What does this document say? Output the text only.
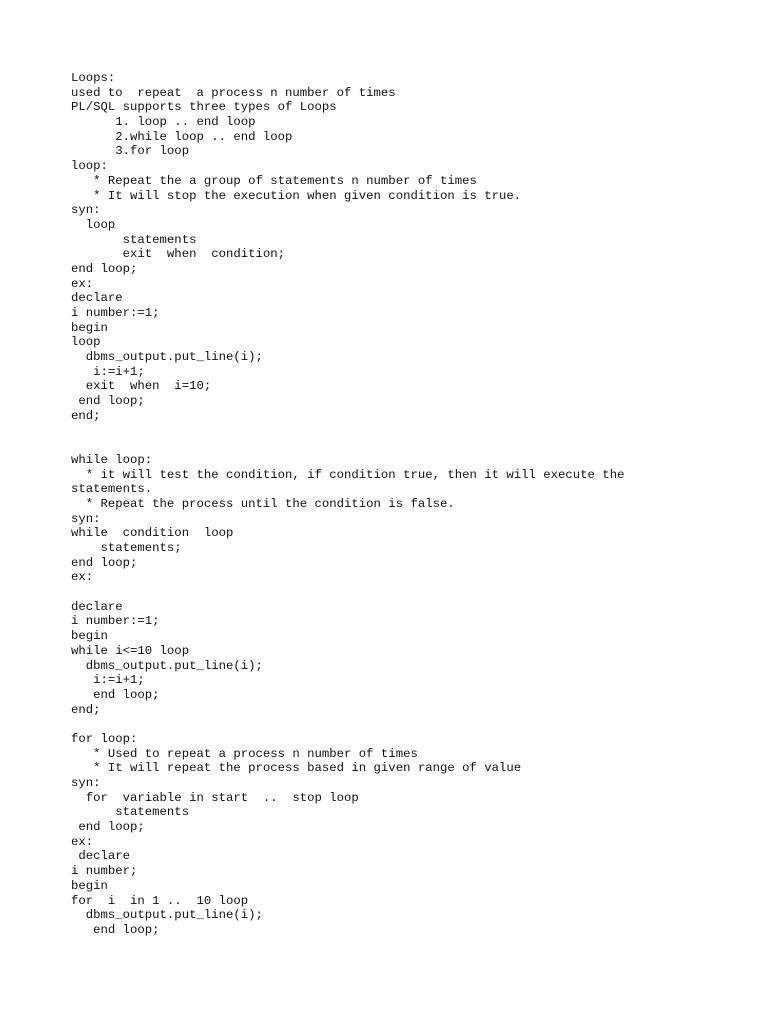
Loops:
used to  repeat  a process n number of times
PL/SQL supports three types of Loops
1. loop .. end loop
2.while loop .. end loop
3.for loop
loop:
* Repeat the a group of statements n number of times
* It will stop the execution when given condition is true.
syn:
loop
statements
exit  when  condition;
end loop;
ex:
declare
i number:=1;
begin
loop
dbms_output.put_line(i);
i:=i+1;
exit  when  i=10;
end loop;
end;
while loop:
* it will test the condition, if condition true, then it will execute the
statements.
* Repeat the process until the condition is false.
syn:
while  condition  loop
statements;
end loop;
ex:
declare
i number:=1;
begin
while i<=10 loop
dbms_output.put_line(i);
i:=i+1;
end loop;
end;
for loop:
* Used to repeat a process n number of times
* It will repeat the process based in given range of value
syn:
for  variable in start  ..  stop loop
statements
end loop;
ex:
declare
i number;
begin
for  i  in 1 ..  10 loop
dbms_output.put_line(i);
end loop;
